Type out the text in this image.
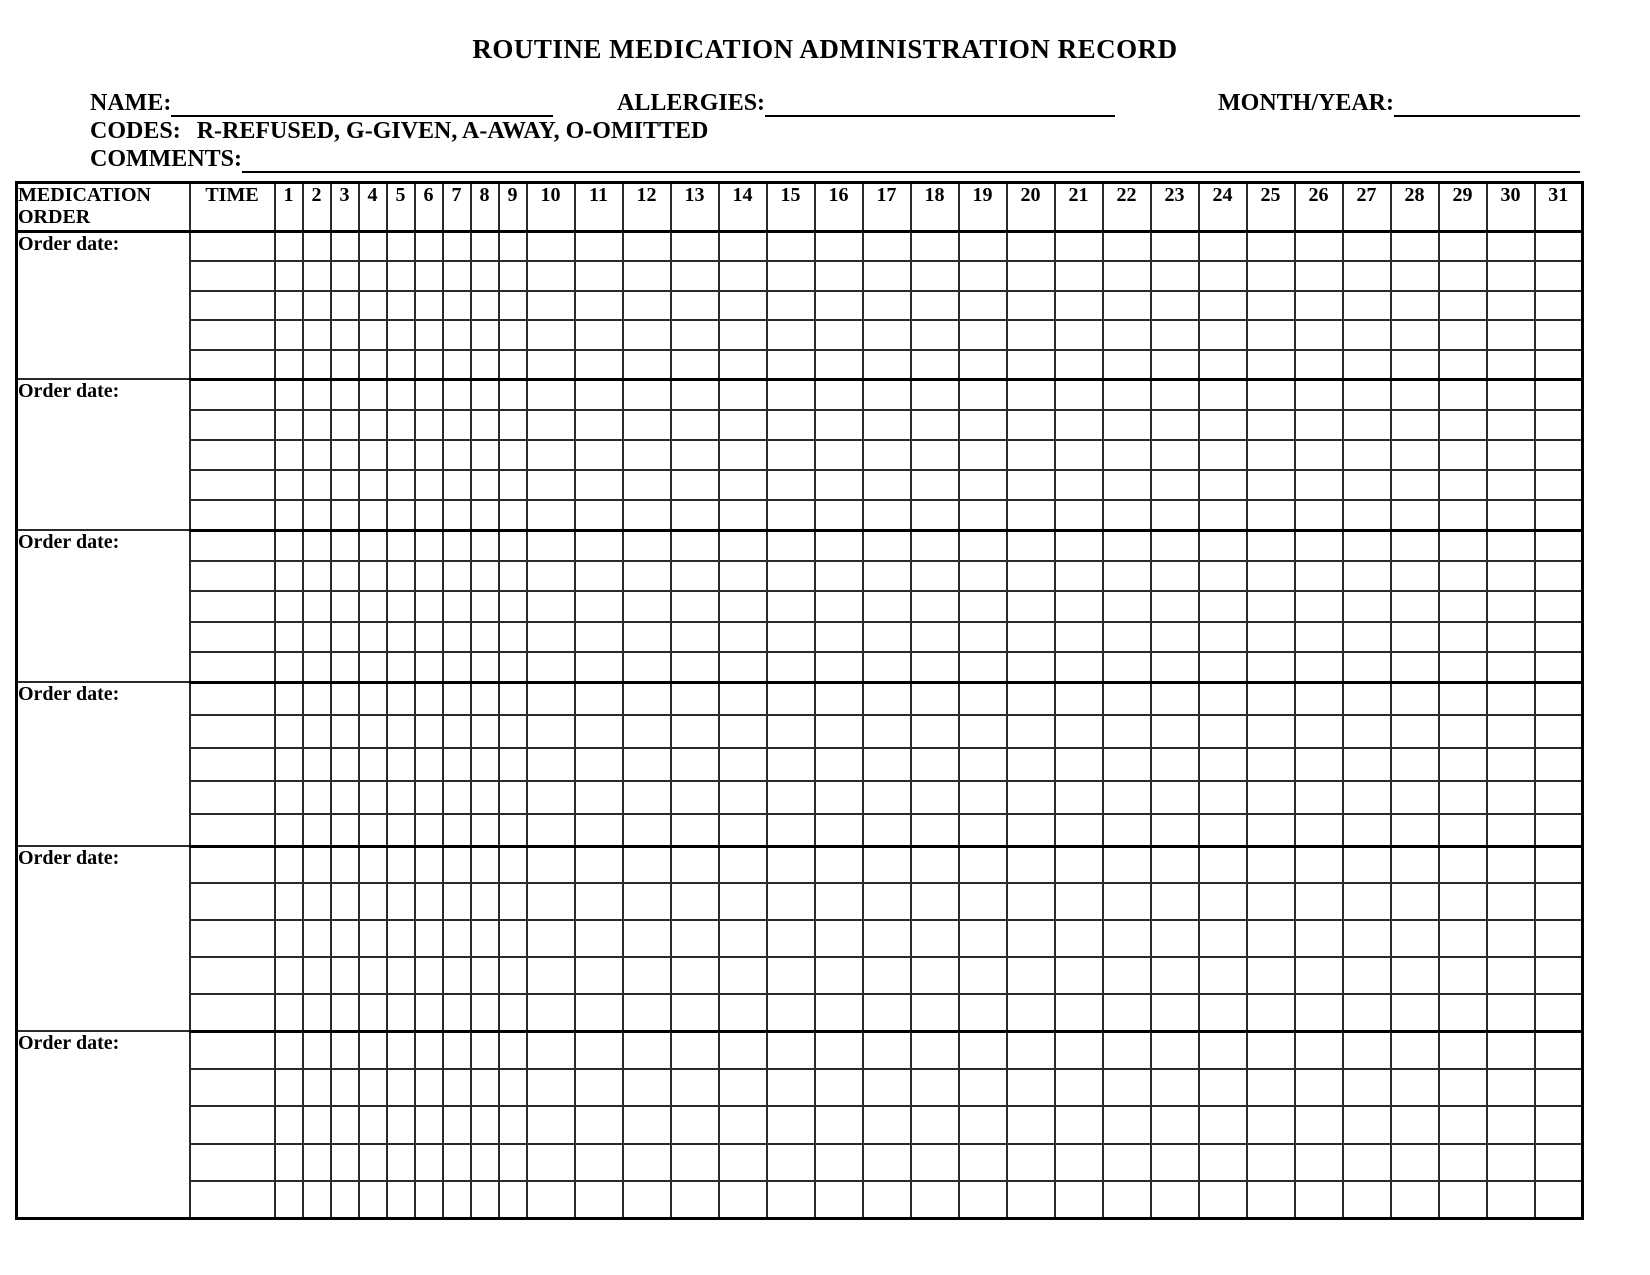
ROUTINE MEDICATION ADMINISTRATION RECORD
NAME:	ALLERGIES:	MONTH/YEAR:
CODES: R-REFUSED, G-GIVEN, A-AWAY, O-OMITTED
COMMENTS:
MEDICATION ORDER	TIME	1	2	3	4	5	6	7	8	9	10	11	12	13	14	15	16	17	18	19	20	21	22	23	24	25	26	27	28	29	30	31
Order date:																																

Order date:																																

Order date:																																

Order date:																																

Order date:																																

Order date:																																
